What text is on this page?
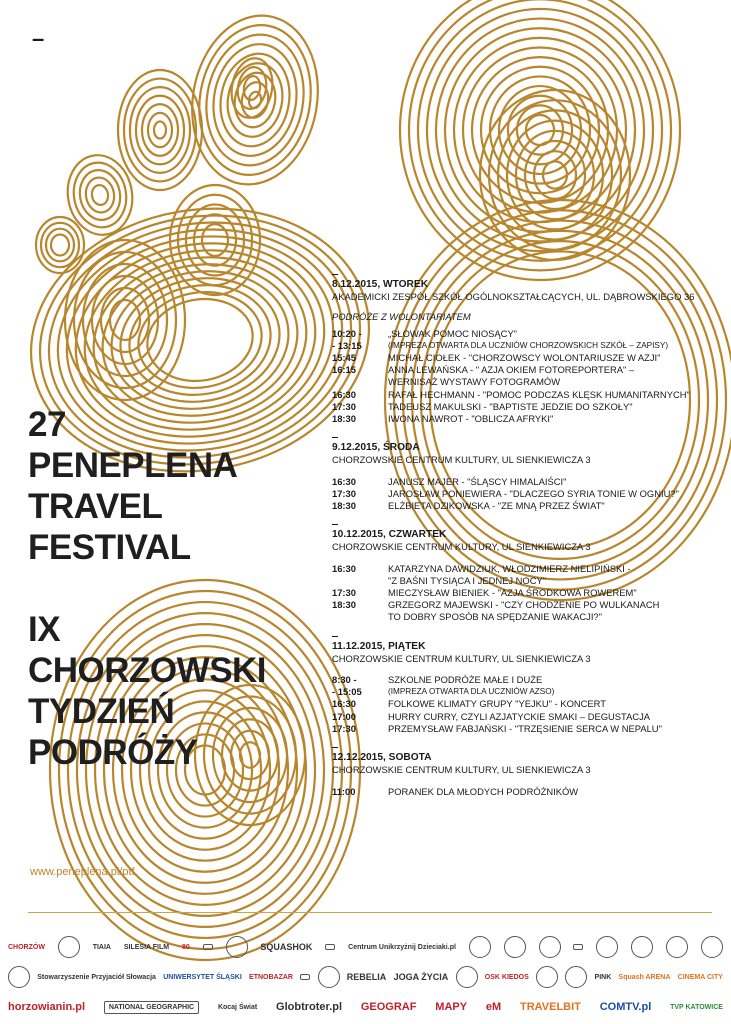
–
27
PENEPLENA
TRAVEL
FESTIVAL
IX
CHORZOWSKI
TYDZIEŃ
PODRÓŻY
www.peneplena.pl/ptf
8.12.2015, WTOREK
AKADEMICKI ZESPÓŁ SZKÓŁ OGÓLNOKSZTAŁCĄCYCH, UL. DĄBROWSKIEGO 36
PODRÓŻE Z WOLONTARIATEM
10:20 -	„SŁOWAK POMOC NIOSĄCY”
- 13:15	(IMPREZA OTWARTA DLA UCZNIÓW CHORZOWSKICH SZKÓŁ – ZAPISY)
15:45	MICHAŁ CIOŁEK - "CHORZOWSCY WOLONTARIUSZE W AZJI"
16:15	ANNA LEWAŃSKA - " AZJA OKIEM FOTOREPORTERA" –
WERNISAŻ WYSTAWY FOTOGRAMÓW
16:30	RAFAŁ HECHMANN - "POMOC PODCZAS KLĘSK HUMANITARNYCH"
17:30	TADEUSZ MAKULSKI - "BAPTISTE JEDZIE DO SZKOŁY"
18:30	IWONA NAWROT - "OBLICZA AFRYKI"
9.12.2015, ŚRODA
CHORZOWSKIE CENTRUM KULTURY, UL SIENKIEWICZA 3
16:30	JANUSZ MAJER - "ŚLĄSCY HIMALAIŚCI"
17:30	JAROSŁAW PONIEWIERA - "DLACZEGO SYRIA TONIE W OGNIU?"
18:30	ELŻBIETA DZIKOWSKA - "ZE MNĄ PRZEZ ŚWIAT"
10.12.2015, CZWARTEK
CHORZOWSKIE CENTRUM KULTURY, UL SIENKIEWICZA 3
16:30	KATARZYNA DAWIDZIUK, WŁODZIMIERZ NIELIPIŃSKI -
"Z BAŚNI TYSIĄCA I JEDNEJ NOCY"
17:30	MIECZYSŁAW BIENIEK - "AZJA ŚRODKOWA ROWEREM"
18:30	GRZEGORZ MAJEWSKI - "CZY CHODZENIE PO WULKANACH
TO DOBRY SPOSÓB NA SPĘDZANIE WAKACJI?"
11.12.2015, PIĄTEK
CHORZOWSKIE CENTRUM KULTURY, UL SIENKIEWICZA 3
8:30 -	SZKOLNE PODRÓŻE MAŁE I DUŻE
- 15:05	(IMPREZA OTWARTA DLA UCZNIÓW AZSO)
16:30	FOLKOWE KLIMATY GRUPY "YEJKU" - KONCERT
17:00	HURRY CURRY, CZYLI AZJATYCKIE SMAKI – DEGUSTACJA
17:30	PRZEMYSŁAW FABJAŃSKI - "TRZĘSIENIE SERCA W NEPALU"
12.12.2015, SOBOTA
CHORZOWSKIE CENTRUM KULTURY, UL SIENKIEWICZA 3
11:00	PORANEK DLA MŁODYCH PODRÓŻNIKÓW
CHORZÓW	TIAIA SILESIA FILM 80	SQUASHOK	Centrum Unikrzyżnij Dzieciaki.pl
Stowarzyszenie Przyjaciół Słowacja UNIWERSYTET ŚLĄSKI ETNOBAZAR	REBELIA JOGA ŻYCIA	OSK KIEDOS	PINK Squash ARENA CINEMA CITY
horzowianin.pl	NATIONAL GEOGRAPHIC	Kocaj Świat Globtroter.pl GEOGRAF MAPY eM TRAVELBIT COMTV.pl	TVP KATOWICE
